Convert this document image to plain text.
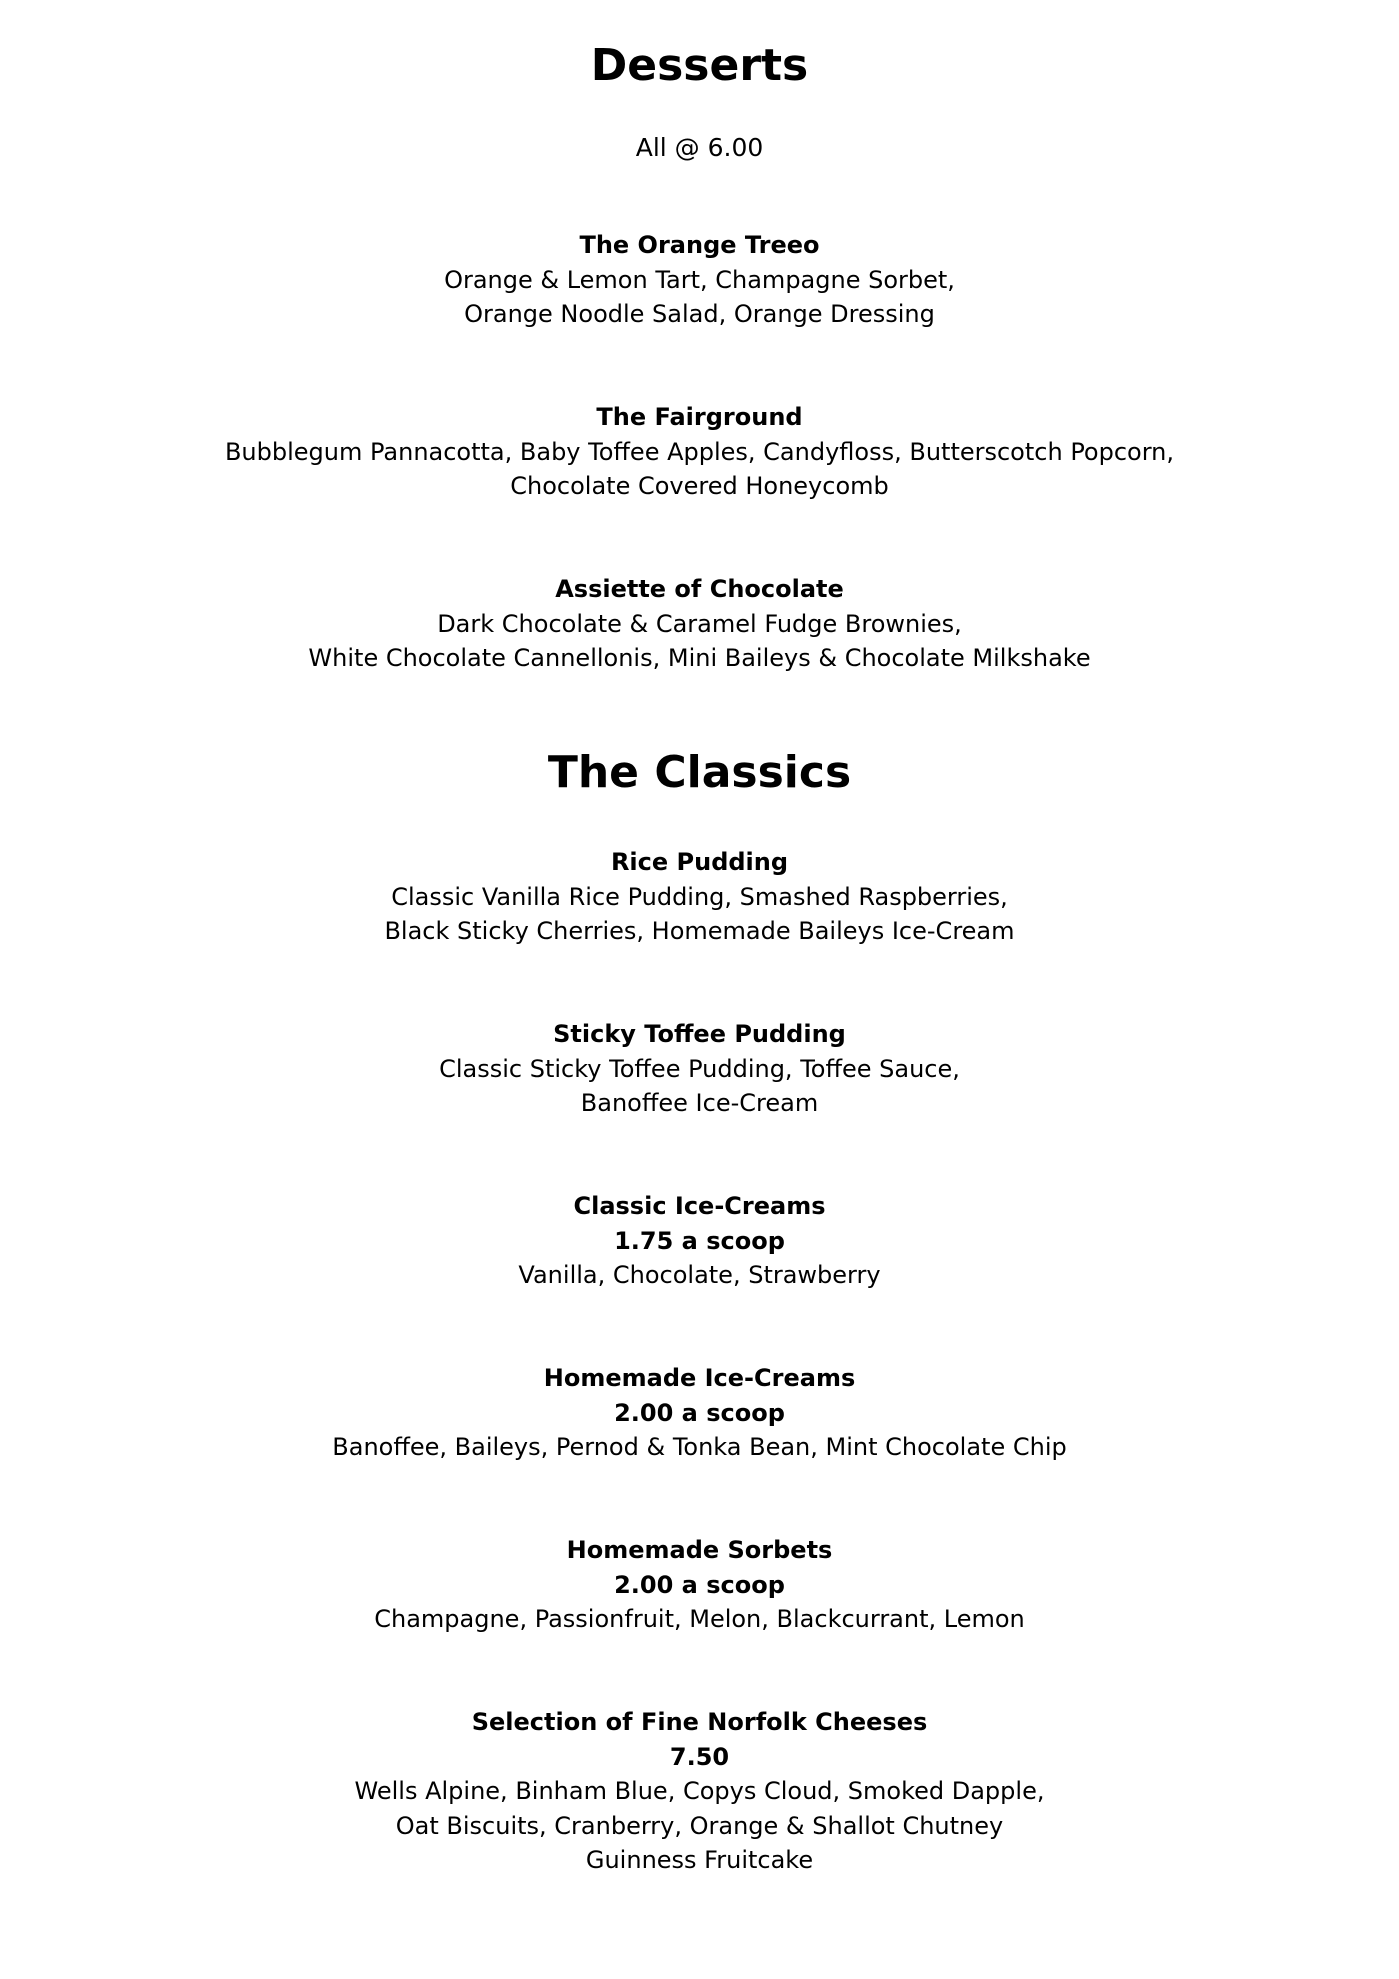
Desserts
All @ 6.00
The Orange Treeo
Orange & Lemon Tart, Champagne Sorbet,
Orange Noodle Salad, Orange Dressing
The Fairground
Bubblegum Pannacotta, Baby Toffee Apples, Candyfloss, Butterscotch Popcorn,
Chocolate Covered Honeycomb
Assiette of Chocolate
Dark Chocolate & Caramel Fudge Brownies,
White Chocolate Cannellonis, Mini Baileys & Chocolate Milkshake
The Classics
Rice Pudding
Classic Vanilla Rice Pudding, Smashed Raspberries,
Black Sticky Cherries, Homemade Baileys Ice-Cream
Sticky Toffee Pudding
Classic Sticky Toffee Pudding, Toffee Sauce,
Banoffee Ice-Cream
Classic Ice-Creams
1.75 a scoop
Vanilla, Chocolate, Strawberry
Homemade Ice-Creams
2.00 a scoop
Banoffee, Baileys, Pernod & Tonka Bean, Mint Chocolate Chip
Homemade Sorbets
2.00 a scoop
Champagne, Passionfruit, Melon, Blackcurrant, Lemon
Selection of Fine Norfolk Cheeses
7.50
Wells Alpine, Binham Blue, Copys Cloud, Smoked Dapple,
Oat Biscuits, Cranberry, Orange & Shallot Chutney
Guinness Fruitcake
